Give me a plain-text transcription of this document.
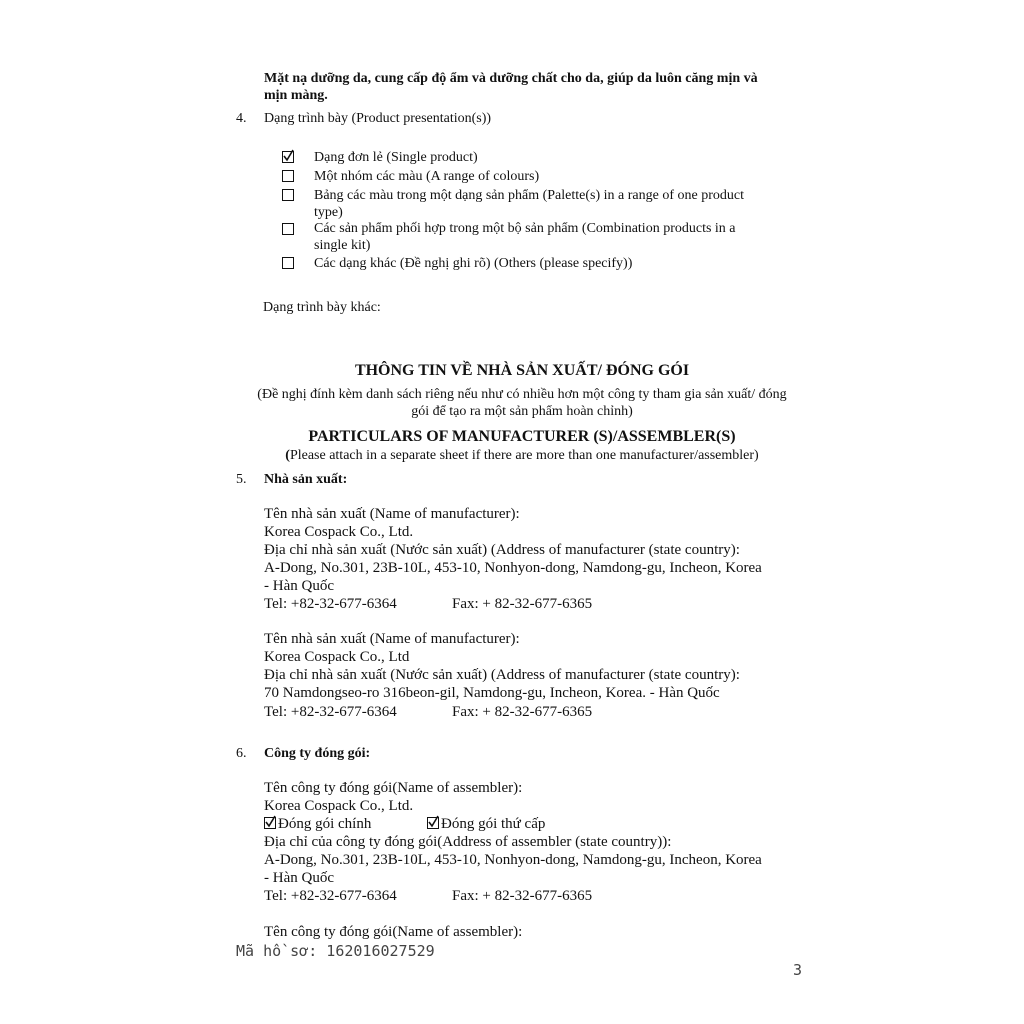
Mặt nạ dưỡng da, cung cấp độ ẩm và dưỡng chất cho da, giúp da luôn căng mịn và
mịn màng.
4. Dạng trình bày (Product presentation(s))
Dạng đơn lẻ (Single product)
Một nhóm các màu (A range of colours)
Bảng các màu trong một dạng sản phẩm (Palette(s) in a range of one product
type)
Các sản phẩm phối hợp trong một bộ sản phẩm (Combination products in a
single kit)
Các dạng khác (Đề nghị ghi rõ) (Others (please specify))
Dạng trình bày khác:
THÔNG TIN VỀ NHÀ SẢN XUẤT/ ĐÓNG GÓI
(Đề nghị đính kèm danh sách riêng nếu như có nhiều hơn một công ty tham gia sản xuất/ đóng
gói để tạo ra một sản phẩm hoàn chỉnh)
PARTICULARS OF MANUFACTURER (S)/ASSEMBLER(S)
(Please attach in a separate sheet if there are more than one manufacturer/assembler)
5. Nhà sản xuất:
Tên nhà sản xuất (Name of manufacturer):
Korea Cospack Co., Ltd.
Địa chỉ nhà sản xuất (Nước sản xuất) (Address of manufacturer (state country):
A-Dong, No.301, 23B-10L, 453-10, Nonhyon-dong, Namdong-gu, Incheon, Korea
- Hàn Quốc
Tel: +82-32-677-6364	Fax: + 82-32-677-6365
Tên nhà sản xuất (Name of manufacturer):
Korea Cospack Co., Ltd
Địa chỉ nhà sản xuất (Nước sản xuất) (Address of manufacturer (state country):
70 Namdongseo-ro 316beon-gil, Namdong-gu, Incheon, Korea. - Hàn Quốc
Tel: +82-32-677-6364	Fax: + 82-32-677-6365
6. Công ty đóng gói:
Tên công ty đóng gói(Name of assembler):
Korea Cospack Co., Ltd.
Đóng gói chính	Đóng gói thứ cấp
Địa chỉ của công ty đóng gói(Address of assembler (state country)):
A-Dong, No.301, 23B-10L, 453-10, Nonhyon-dong, Namdong-gu, Incheon, Korea
- Hàn Quốc
Tel: +82-32-677-6364	Fax: + 82-32-677-6365
Tên công ty đóng gói(Name of assembler):
Mã hồ sơ: 162016027529
3
